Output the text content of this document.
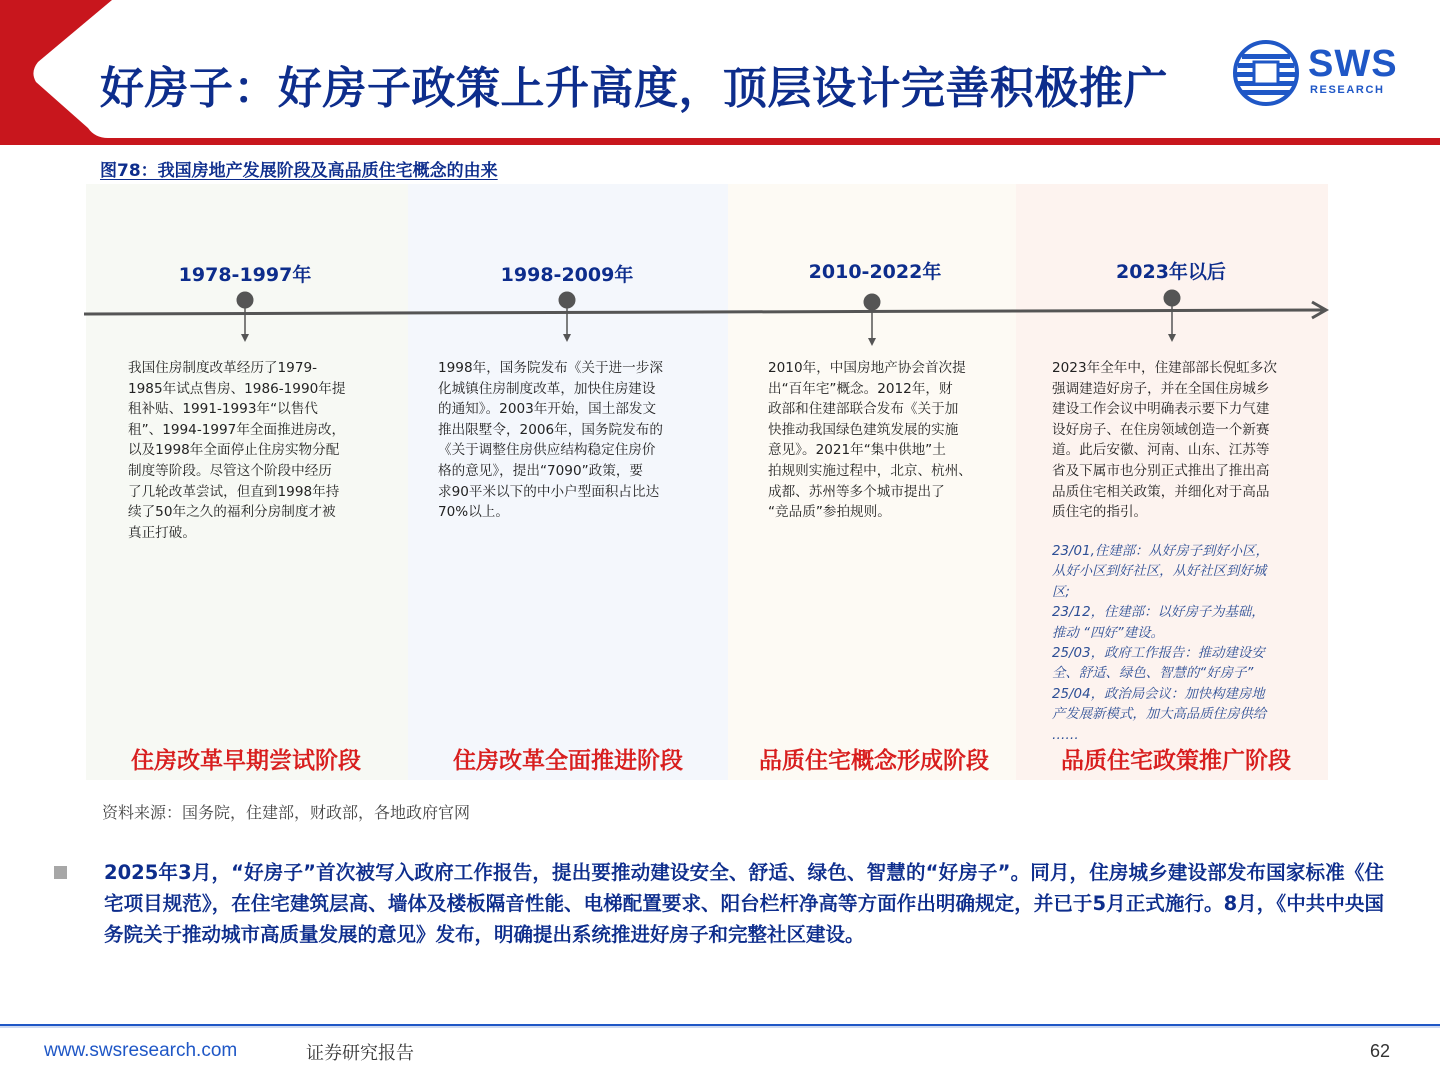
好房子：好房子政策上升高度，顶层设计完善积极推广	SWS
RESEARCH
图78：我国房地产发展阶段及高品质住宅概念的由来
1978-1997年	1998-2009年	2010-2022年	2023年以后

我国住房制度改革经历了1979-

1985年试点售房、1986-1990年提

租补贴、1991-1993年“以售代

租”、1994-1997年全面推进房改，

以及1998年全面停止住房实物分配

制度等阶段。尽管这个阶段中经历

了几轮改革尝试，但直到1998年持

续了50年之久的福利分房制度才被

真正打破。

1998年，国务院发布《关于进一步深

化城镇住房制度改革，加快住房建设

的通知》。2003年开始，国土部发文

推出限墅令，2006年，国务院发布的

《关于调整住房供应结构稳定住房价

格的意见》，提出“7090”政策，要

求90平米以下的中小户型面积占比达

70%以上。

2010年，中国房地产协会首次提

出“百年宅”概念。2012年，财

政部和住建部联合发布《关于加

快推动我国绿色建筑发展的实施

意见》。2021年“集中供地”土

拍规则实施过程中，北京、杭州、

成都、苏州等多个城市提出了

“竞品质”参拍规则。

2023年全年中，住建部部长倪虹多次

强调建造好房子，并在全国住房城乡

建设工作会议中明确表示要下力气建

设好房子、在住房领域创造一个新赛

道。此后安徽、河南、山东、江苏等

省及下属市也分别正式推出了推出高

品质住宅相关政策，并细化对于高品

质住宅的指引。

23/01,住建部：从好房子到好小区，
从好小区到好社区，从好社区到好城
区;
23/12，住建部：以好房子为基础，
推动 “四好”建设。
25/03，政府工作报告：推动建设安
全、舒适、绿色、智慧的“好房子”
25/04，政治局会议：加快构建房地
产发展新模式，加大高品质住房供给
……
住房改革早期尝试阶段	住房改革全面推进阶段	品质住宅概念形成阶段	品质住宅政策推广阶段
资料来源：国务院，住建部，财政部，各地政府官网
2025年3月，“好房子”首次被写入政府工作报告，提出要推动建设安全、舒适、绿色、智慧的“好房子”。同月，住房城乡建设部发布国家标准《住宅项目规范》，在住宅建筑层高、墙体及楼板隔音性能、电梯配置要求、阳台栏杆净高等方面作出明确规定，并已于5月正式施行。8月，《中共中央国务院关于推动城市高质量发展的意见》发布，明确提出系统推进好房子和完整社区建设。
www.swsresearch.com	证券研究报告	62
